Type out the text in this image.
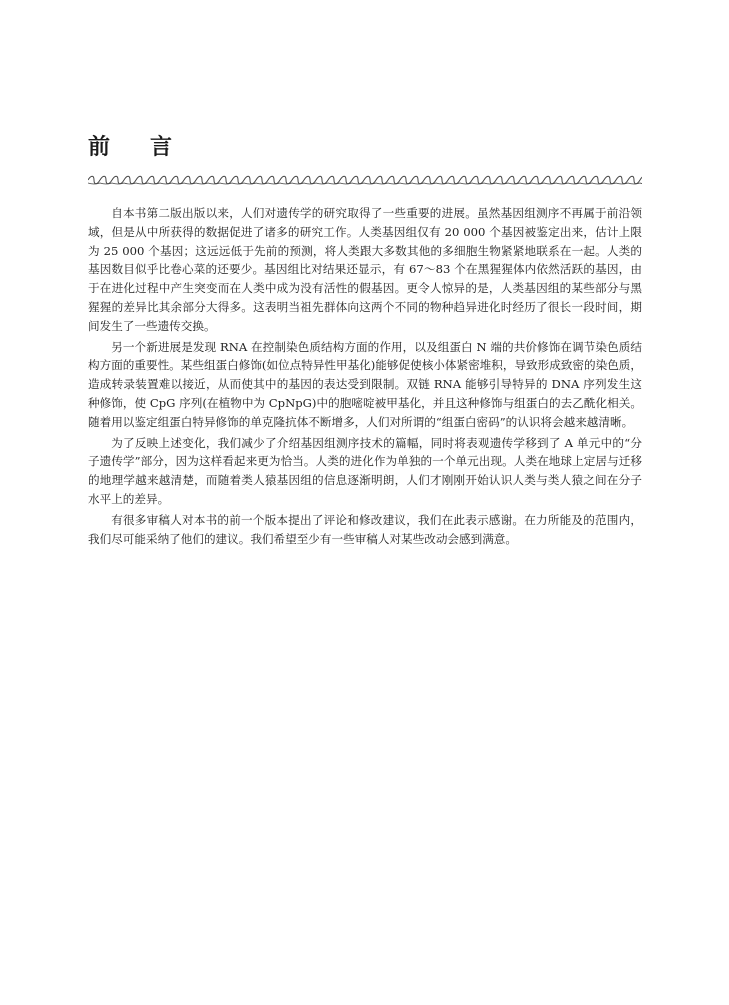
前 言

自本书第二版出版以来，人们对遗传学的研究取得了一些重要的进展。虽然基因组测序不再属于前沿领域，但是从中所获得的数据促进了诸多的研究工作。人类基因组仅有 20 000 个基因被鉴定出来，估计上限为 25 000 个基因；这远远低于先前的预测，将人类跟大多数其他的多细胞生物紧紧地联系在一起。人类的基因数目似乎比卷心菜的还要少。基因组比对结果还显示，有 67～83 个在黑猩猩体内依然活跃的基因，由于在进化过程中产生突变而在人类中成为没有活性的假基因。更令人惊异的是，人类基因组的某些部分与黑猩猩的差异比其余部分大得多。这表明当祖先群体向这两个不同的物种趋异进化时经历了很长一段时间，期间发生了一些遗传交换。

另一个新进展是发现 RNA 在控制染色质结构方面的作用，以及组蛋白 N 端的共价修饰在调节染色质结构方面的重要性。某些组蛋白修饰(如位点特异性甲基化)能够促使核小体紧密堆积，导致形成致密的染色质，造成转录装置难以接近，从而使其中的基因的表达受到限制。双链 RNA 能够引导特异的 DNA 序列发生这种修饰，使 CpG 序列(在植物中为 CpNpG)中的胞嘧啶被甲基化，并且这种修饰与组蛋白的去乙酰化相关。随着用以鉴定组蛋白特异修饰的单克隆抗体不断增多，人们对所谓的“组蛋白密码”的认识将会越来越清晰。

为了反映上述变化，我们减少了介绍基因组测序技术的篇幅，同时将表观遗传学移到了 A 单元中的“分子遗传学”部分，因为这样看起来更为恰当。人类的进化作为单独的一个单元出现。人类在地球上定居与迁移的地理学越来越清楚，而随着类人猿基因组的信息逐渐明朗，人们才刚刚开始认识人类与类人猿之间在分子水平上的差异。

有很多审稿人对本书的前一个版本提出了评论和修改建议，我们在此表示感谢。在力所能及的范围内，我们尽可能采纳了他们的建议。我们希望至少有一些审稿人对某些改动会感到满意。
